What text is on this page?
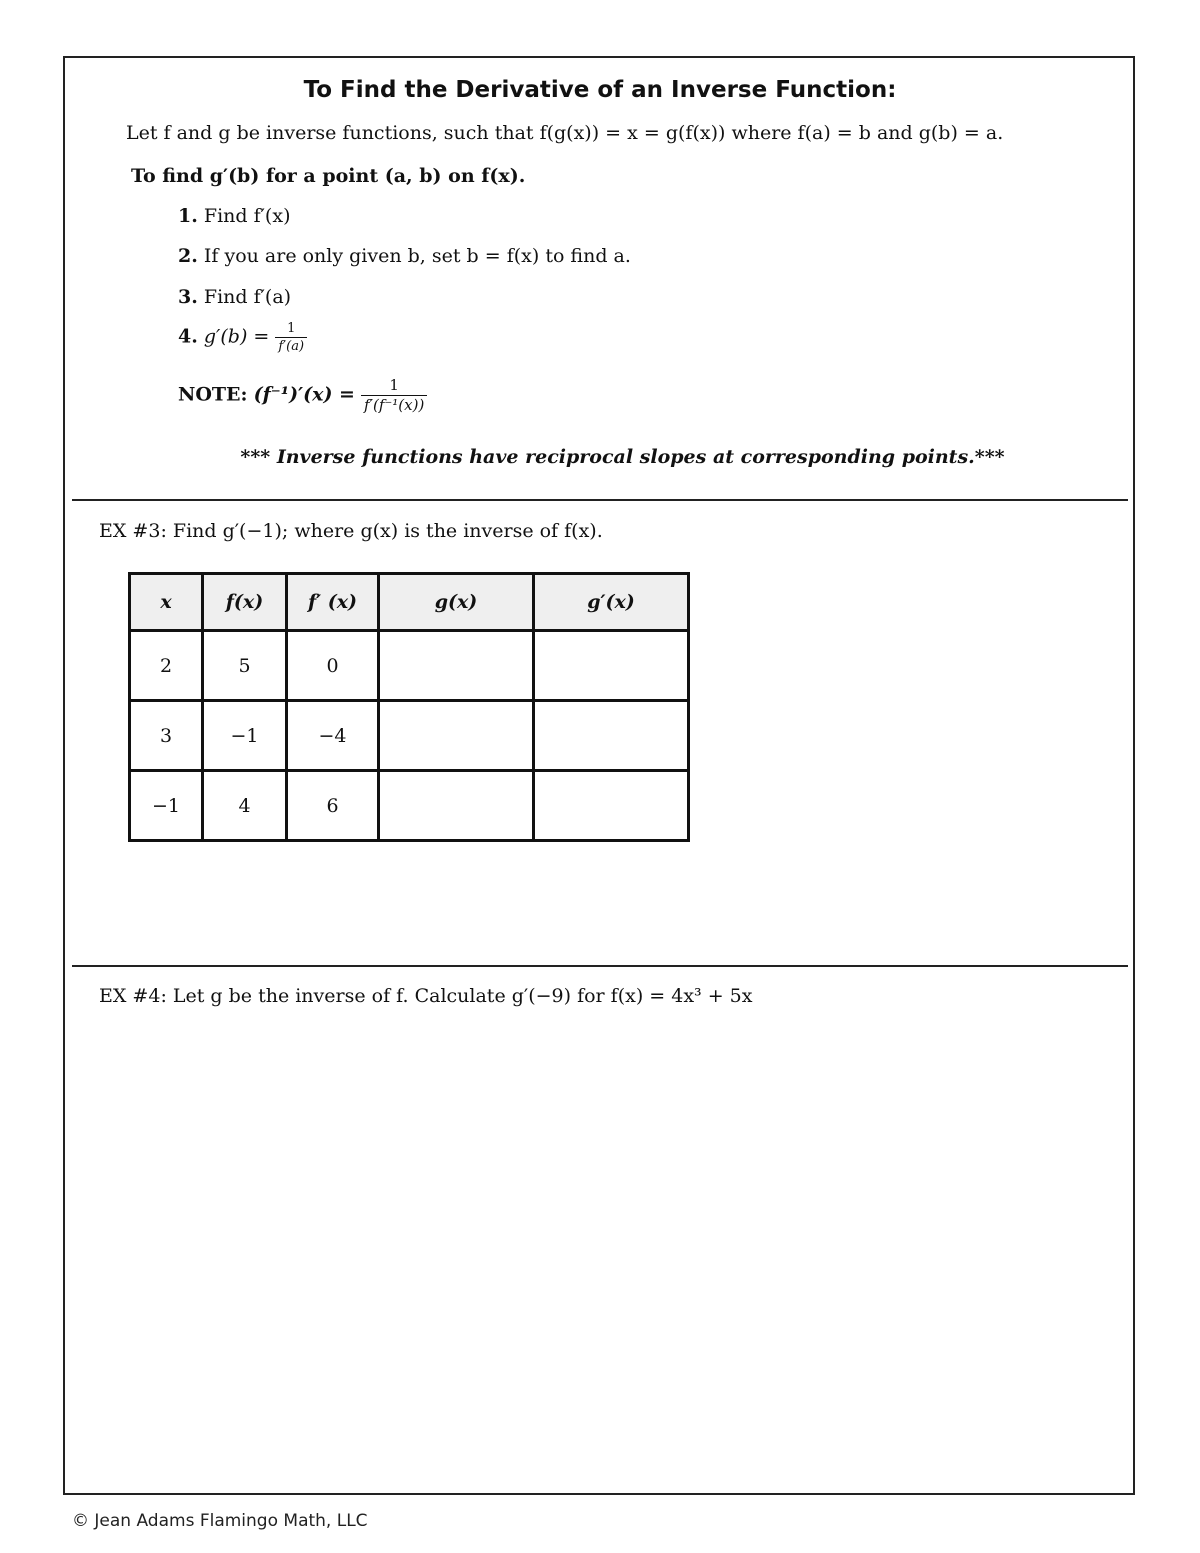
To Find the Derivative of an Inverse Function:
Let f and g be inverse functions, such that f(g(x)) = x = g(f(x)) where f(a) = b and g(b) = a.
To find g′(b) for a point (a, b) on f(x).
1. Find f′(x)
2. If you are only given b, set b = f(x) to find a.
3. Find f′(a)
4. $g'(b) = \frac{1}{f'(a)}$
NOTE: $(f^{-1})'(x) = \frac{1}{\text{f′(f⁻¹(x))}}$
*** Inverse functions have reciprocal slopes at corresponding points.***
EX #3: Find g′(−1); where g(x) is the inverse of f(x).
x	f(x)	f′ (x)	g(x)	g′(x)
2	5	0		
3	−1	−4		
−1	4	6		
EX #4: Let g be the inverse of f. Calculate g′(−9) for f(x) = 4x³ + 5x
© Jean Adams Flamingo Math, LLC
